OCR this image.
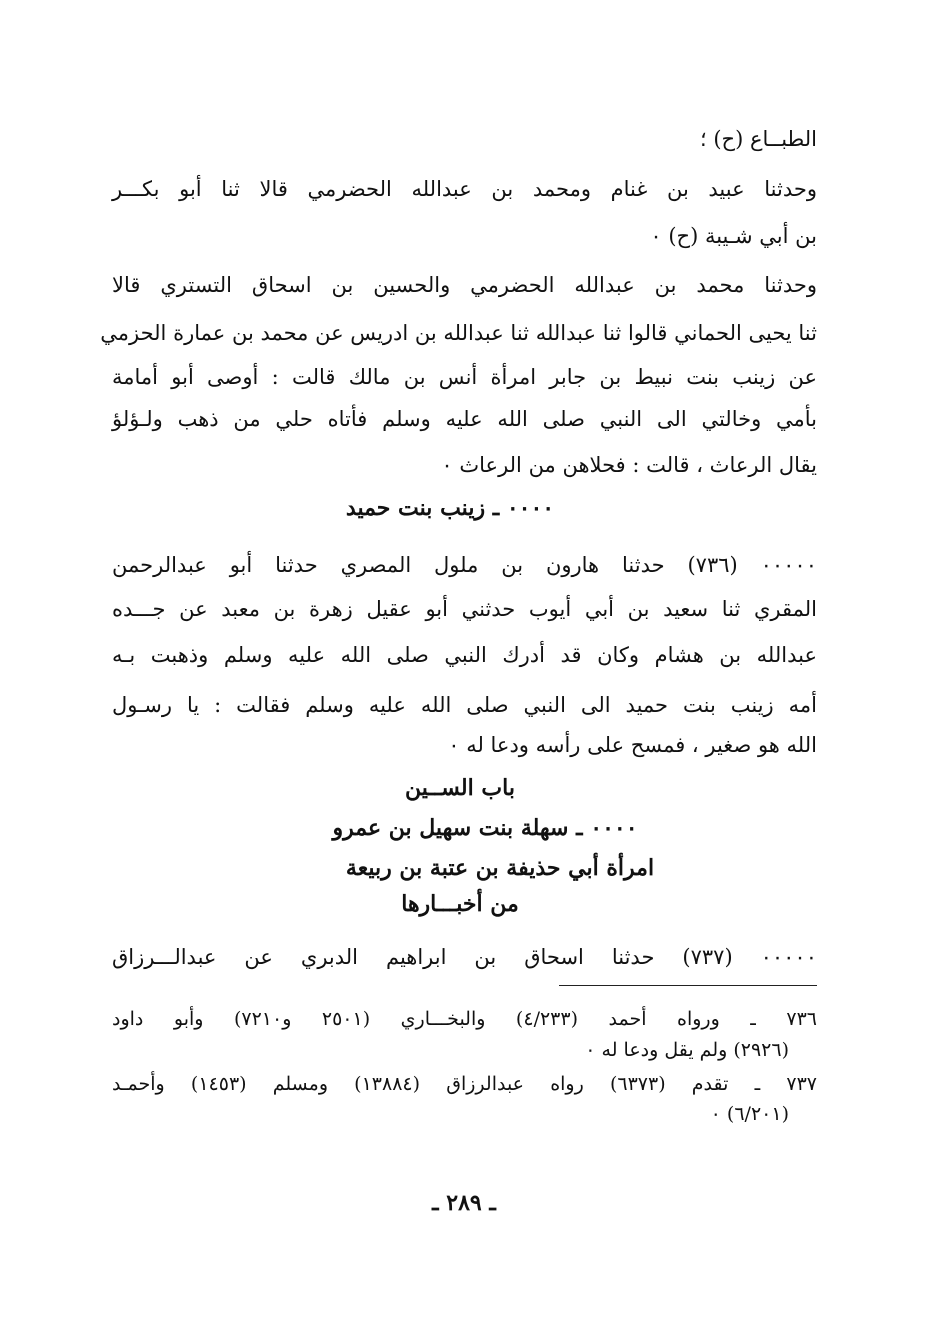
الطبــاع (ح) ؛
وحدثنا عبيد بن غنام ومحمد بن عبدالله الحضرمي قالا ثنا أبو بكـــر
بن أبي شـيبة (ح) ٠
وحدثنا محمد بن عبدالله الحضرمي والحسين بن اسحاق التستري قالا
ثنا يحيى الحماني قالوا ثنا عبدالله ثنا عبدالله بن ادريس عن محمد بن عمارة الحزمي
عن زينب بنت نبيط بن جابر امرأة أنس بن مالك قالت : أوصى أبو أمامة
بأمي وخالتي الى النبي صلى الله عليه وسلم فأتاه حلي من ذهب ولـؤلؤ
يقال الرعاث ، قالت : فحلاهن من الرعاث ٠
٠٠٠٠ ـ زينب بنت حميد
٠٠٠٠٠ (٧٣٦) حدثنا هارون بن ملول المصري حدثنا أبو عبدالرحمن
المقري ثنا سعيد بن أبي أيوب حدثني أبو عقيل زهرة بن معبد عن جـــده
عبدالله بن هشام وكان قد أدرك النبي صلى الله عليه وسلم وذهبت بـه
أمه زينب بنت حميد الى النبي صلى الله عليه وسلم فقالت : يا رسـول
الله هو صغير ، فمسح على رأسه ودعا له ٠
باب الســين
٠٠٠٠ ـ سهلة بنت سهيل بن عمرو
امرأة أبي حذيفة بن عتبة بن ربيعة
من أخبـــارها
٠٠٠٠٠ (٧٣٧) حدثنا اسحاق بن ابراهيم الدبري عن عبدالـــرزاق
٧٣٦ ـ ورواه أحمد (٤/٢٣٣) والبخـــاري (٢٥٠١ و٧٢١٠) وأبو داود
(٢٩٢٦) ولم يقل ودعا له ٠
٧٣٧ ـ تقدم (٦٣٧٣) رواه عبدالرزاق (١٣٨٨٤) ومسلم (١٤٥٣) وأحمـد
(٦/٢٠١) ٠
ـ ٢٨٩ ـ
